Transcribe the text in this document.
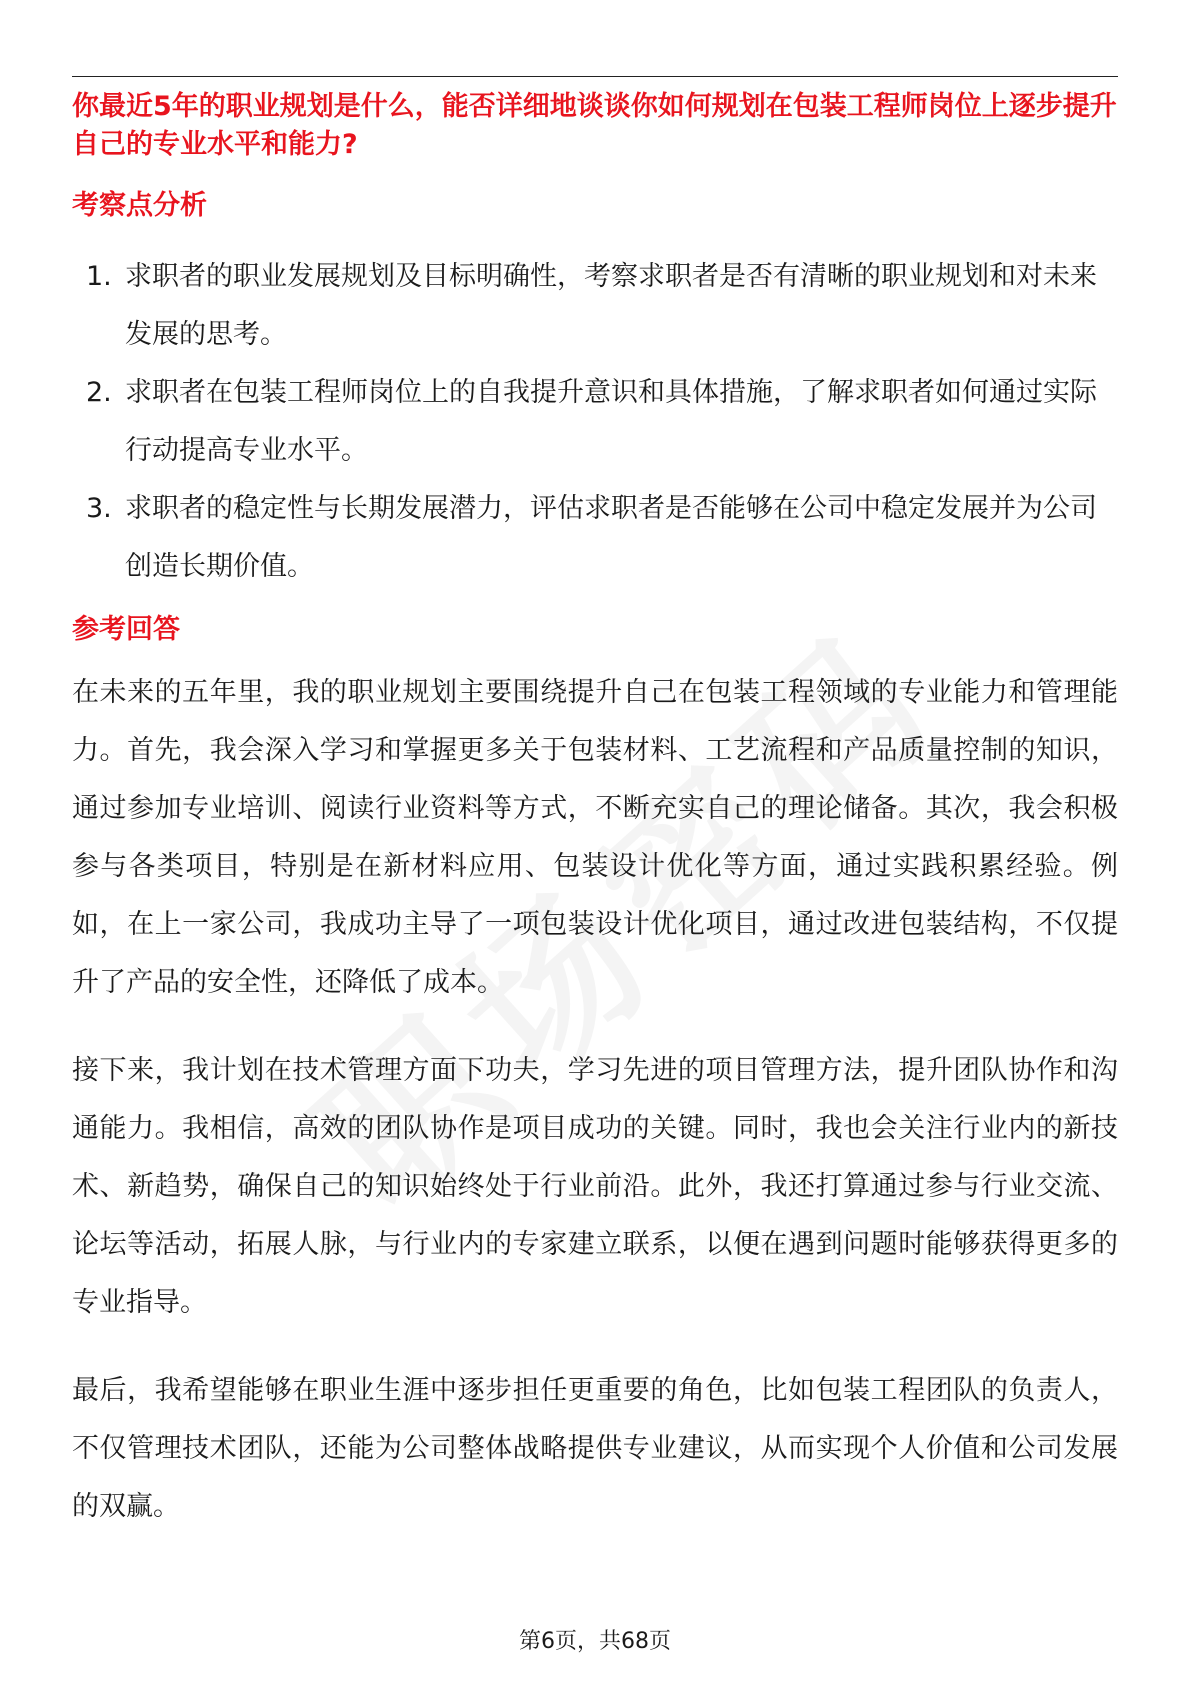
你最近5年的职业规划是什么，能否详细地谈谈你如何规划在包装工程师岗位上逐步提升自己的专业水平和能力?

考察点分析
1. 求职者的职业发展规划及目标明确性，考察求职者是否有清晰的职业规划和对未来发展的思考。
2. 求职者在包装工程师岗位上的自我提升意识和具体措施，了解求职者如何通过实际行动提高专业水平。
3. 求职者的稳定性与长期发展潜力，评估求职者是否能够在公司中稳定发展并为公司创造长期价值。
参考回答

在未来的五年里，我的职业规划主要围绕提升自己在包装工程领域的专业能力和管理能力。首先，我会深入学习和掌握更多关于包装材料、工艺流程和产品质量控制的知识，通过参加专业培训、阅读行业资料等方式，不断充实自己的理论储备。其次，我会积极参与各类项目，特别是在新材料应用、包装设计优化等方面，通过实践积累经验。例如，在上一家公司，我成功主导了一项包装设计优化项目，通过改进包装结构，不仅提升了产品的安全性，还降低了成本。

接下来，我计划在技术管理方面下功夫，学习先进的项目管理方法，提升团队协作和沟通能力。我相信，高效的团队协作是项目成功的关键。同时，我也会关注行业内的新技术、新趋势，确保自己的知识始终处于行业前沿。此外，我还打算通过参与行业交流、论坛等活动，拓展人脉，与行业内的专家建立联系，以便在遇到问题时能够获得更多的专业指导。

最后，我希望能够在职业生涯中逐步担任更重要的角色，比如包装工程团队的负责人，不仅管理技术团队，还能为公司整体战略提供专业建议，从而实现个人价值和公司发展的双赢。

第6页，共68页
